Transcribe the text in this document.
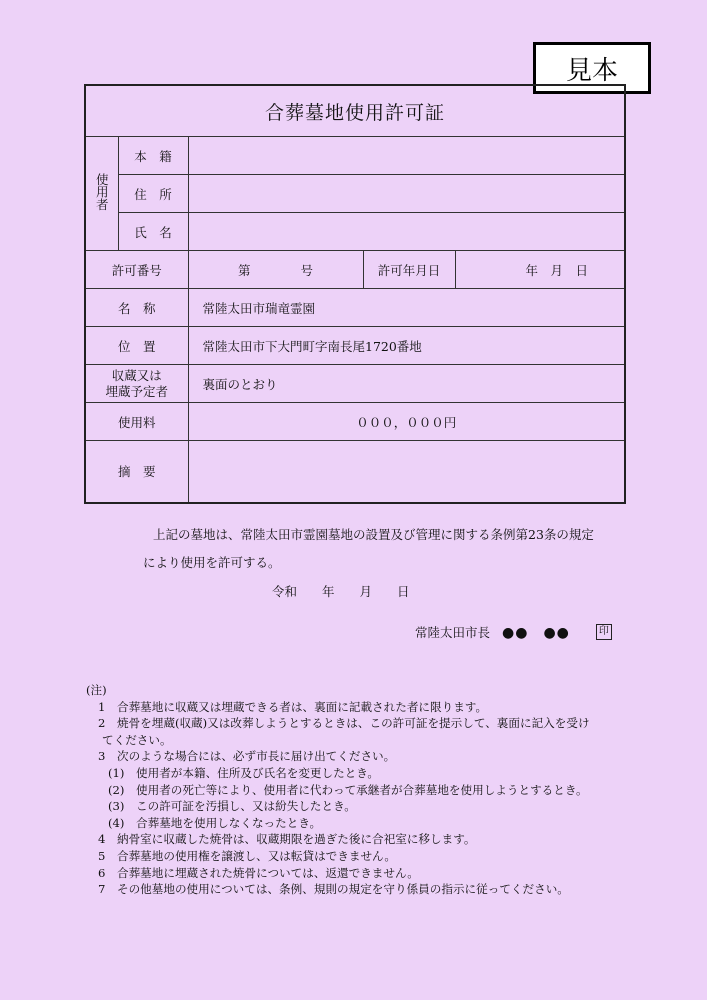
見本
合葬墓地使用許可証				
使用者	本　籍			
	住　所			
	氏　名			
許可番号		第　　　　号	許可年月日	年　月　日
名　称		常陸太田市瑞竜霊園		
位　置		常陸太田市下大門町字南長尾1720番地		

収蔵又は
埋蔵予定者		裏面のとおり		
使用料		０００，０００円		
摘　要				

上記の墓地は、常陸太田市霊園墓地の設置及び管理に関する条例第23条の規定

により使用を許可する。

令和　　年　　月　　日
常陸太田市長 ●●　●●	印
(注)
1　合葬墓地に収蔵又は埋蔵できる者は、裏面に記載された者に限ります。
2　焼骨を埋蔵(収蔵)又は改葬しようとするときは、この許可証を提示して、裏面に記入を受け
てください。
3　次のような場合には、必ず市長に届け出てください。
(1)　使用者が本籍、住所及び氏名を変更したとき。
(2)　使用者の死亡等により、使用者に代わって承継者が合葬墓地を使用しようとするとき。
(3)　この許可証を汚損し、又は紛失したとき。
(4)　合葬墓地を使用しなくなったとき。
4　納骨室に収蔵した焼骨は、収蔵期限を過ぎた後に合祀室に移します。
5　合葬墓地の使用権を譲渡し、又は転貸はできません。
6　合葬墓地に埋蔵された焼骨については、返還できません。
7　その他墓地の使用については、条例、規則の規定を守り係員の指示に従ってください。
